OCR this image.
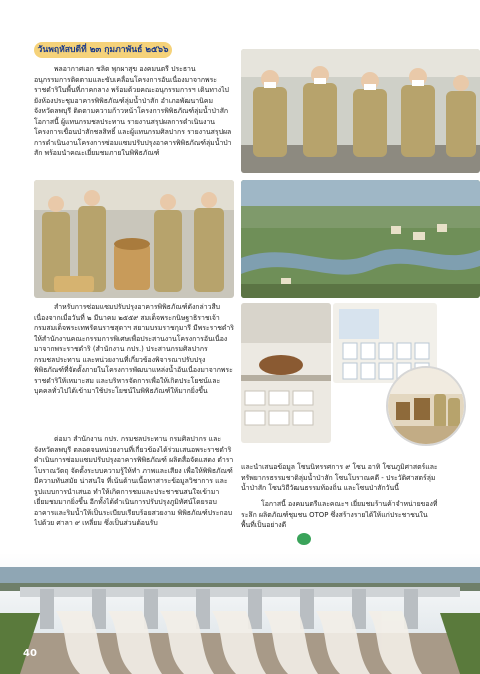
วันพฤหัสบดีที่ ๒๓ กุมภาพันธ์ ๒๕๖๖
พลอากาศเอก ชลิต พุกผาสุข องคมนตรี ประธานอนุกรรมการติดตามและขับเคลื่อนโครงการอันเนื่องมาจากพระราชดำริในพื้นที่ภาคกลาง พร้อมด้วยคณะอนุกรรมการฯ เดินทางไปยังห้องประชุมอาคารพิพิธภัณฑ์ลุ่มน้ำป่าสัก อำเภอพัฒนานิคม จังหวัดลพบุรี ติดตามความก้าวหน้าโครงการพิพิธภัณฑ์ลุ่มน้ำป่าสัก โอกาสนี้ ผู้แทนกรมชลประทาน รายงานสรุปผลการดำเนินงานโครงการเขื่อนป่าสักชลสิทธิ์ และผู้แทนกรมศิลปากร รายงานสรุปผลการดำเนินงานโครงการซ่อมแซมปรับปรุงอาคารพิพิธภัณฑ์ลุ่มน้ำป่าสัก พร้อมนำคณะเยี่ยมชมภายในพิพิธภัณฑ์
สำหรับการซ่อมแซมปรับปรุงอาคารพิพิธภัณฑ์ดังกล่าวสืบเนื่องจากเมื่อวันที่ ๒ มีนาคม ๒๕๕๙ สมเด็จพระกนิษฐาธิราชเจ้า กรมสมเด็จพระเทพรัตนราชสุดาฯ สยามบรมราชกุมารี มีพระราชดำริ ให้สำนักงานคณะกรรมการพิเศษเพื่อประสานงานโครงการอันเนื่องมาจากพระราชดำริ (สำนักงาน กปร.) ประสานกรมศิลปากร กรมชลประทาน และหน่วยงานที่เกี่ยวข้องพิจารณาปรับปรุงพิพิธภัณฑ์ที่จัดตั้งภายในโครงการพัฒนาแหล่งน้ำอันเนื่องมาจากพระราชดำริให้เหมาะสม และบริหารจัดการเพื่อให้เกิดประโยชน์และบุคคลทั่วไปได้เข้ามาใช้ประโยชน์ในพิพิธภัณฑ์ให้มากยิ่งขึ้น
ต่อมา สำนักงาน กปร. กรมชลประทาน กรมศิลปากร และจังหวัดลพบุรี ตลอดจนหน่วยงานที่เกี่ยวข้องได้ร่วมเสนอพระราชดำริดำเนินการซ่อมแซมปรับปรุงอาคารพิพิธภัณฑ์ ผลิตสื่อจัดแสดง ตำราโบราณวัตถุ จัดตั้งระบบความรู้ให้ทำ ภาพและเสียง เพื่อให้พิพิธภัณฑ์มีความทันสมัย น่าสนใจ ที่เน้นด้านเนื้อหาสาระข้อมูลวิชาการ และรูปแบบการนำเสนอ ทำให้เกิดการชมและประชาชนสนใจเข้ามาเยี่ยมชมมากยิ่งขึ้น อีกทั้งได้ดำเนินการปรับปรุงภูมิทัศน์โดยรอบอาคารและริมน้ำให้เป็นระเบียบเรียบร้อยสวยงาม พิพิธภัณฑ์ประกอบไปด้วย ศาลา ๙ เหลี่ยม ซึ่งเป็นส่วนต้อนรับ
และนำเสนอข้อมูล โซนนิทรรศการ ๙ โซน อาทิ โซนภูมิศาสตร์และทรัพยากรธรรมชาติลุ่มน้ำป่าสัก โซนโบราณคดี - ประวัติศาสตร์ลุ่มน้ำป่าสัก โซนวิถีวัฒนธรรมท้องถิ่น และโซนป่าสักวันนี้
โอกาสนี้ องคมนตรีและคณะฯ เยี่ยมชมร้านค้าจำหน่ายของที่ระลึก ผลิตภัณฑ์ชุมชน OTOP ซึ่งสร้างรายได้ให้แก่ประชาชนในพื้นที่เป็นอย่างดี
40
